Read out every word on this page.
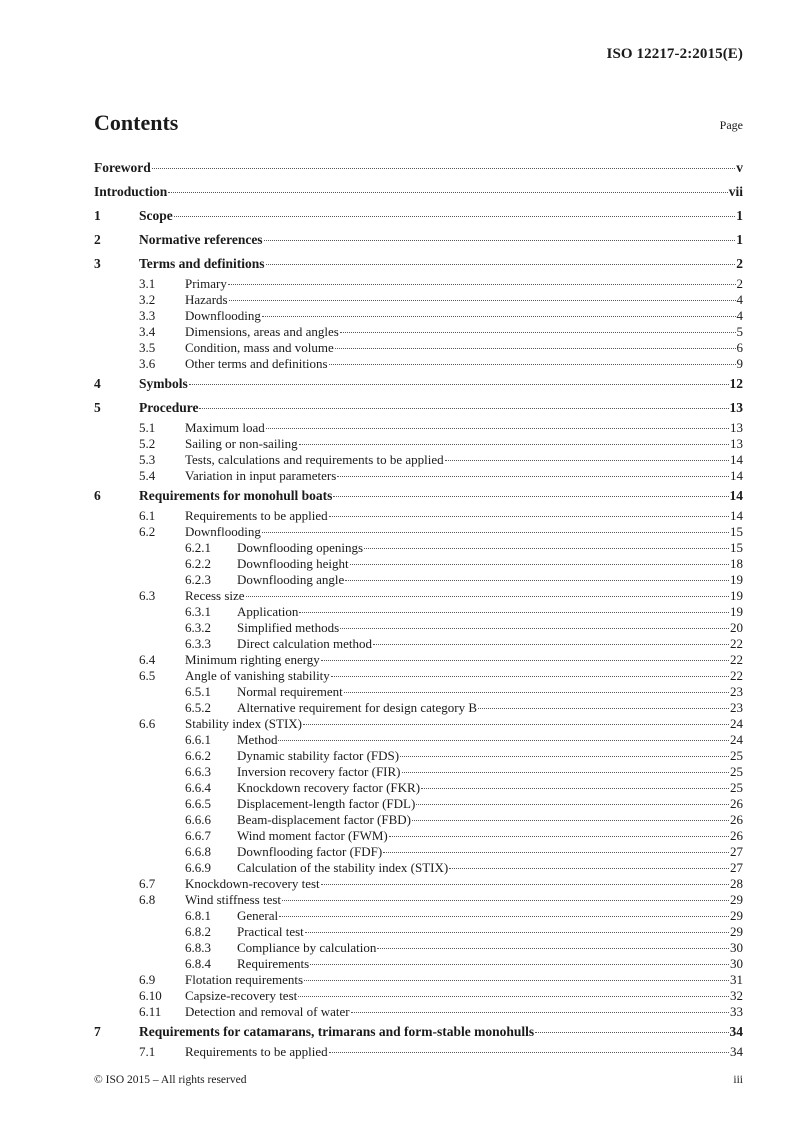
ISO 12217-2:2015(E)
Contents	Page
Foreword	v
Introduction	vii
1	Scope	1
2	Normative references	1
3	Terms and definitions	2
3.1	Primary	2
3.2	Hazards	4
3.3	Downflooding	4
3.4	Dimensions, areas and angles	5
3.5	Condition, mass and volume	6
3.6	Other terms and definitions	9
4	Symbols	12
5	Procedure	13
5.1	Maximum load	13
5.2	Sailing or non-sailing	13
5.3	Tests, calculations and requirements to be applied	14
5.4	Variation in input parameters	14
6	Requirements for monohull boats	14
6.1	Requirements to be applied	14
6.2	Downflooding	15
6.2.1	Downflooding openings	15
6.2.2	Downflooding height	18
6.2.3	Downflooding angle	19
6.3	Recess size	19
6.3.1	Application	19
6.3.2	Simplified methods	20
6.3.3	Direct calculation method	22
6.4	Minimum righting energy	22
6.5	Angle of vanishing stability	22
6.5.1	Normal requirement	23
6.5.2	Alternative requirement for design category B	23
6.6	Stability index (STIX)	24
6.6.1	Method	24
6.6.2	Dynamic stability factor (FDS)	25
6.6.3	Inversion recovery factor (FIR)	25
6.6.4	Knockdown recovery factor (FKR)	25
6.6.5	Displacement-length factor (FDL)	26
6.6.6	Beam-displacement factor (FBD)	26
6.6.7	Wind moment factor (FWM)	26
6.6.8	Downflooding factor (FDF)	27
6.6.9	Calculation of the stability index (STIX)	27
6.7	Knockdown-recovery test	28
6.8	Wind stiffness test	29
6.8.1	General	29
6.8.2	Practical test	29
6.8.3	Compliance by calculation	30
6.8.4	Requirements	30
6.9	Flotation requirements	31
6.10	Capsize-recovery test	32
6.11	Detection and removal of water	33
7	Requirements for catamarans, trimarans and form-stable monohulls	34
7.1	Requirements to be applied	34
© ISO 2015 – All rights reserved	iii
